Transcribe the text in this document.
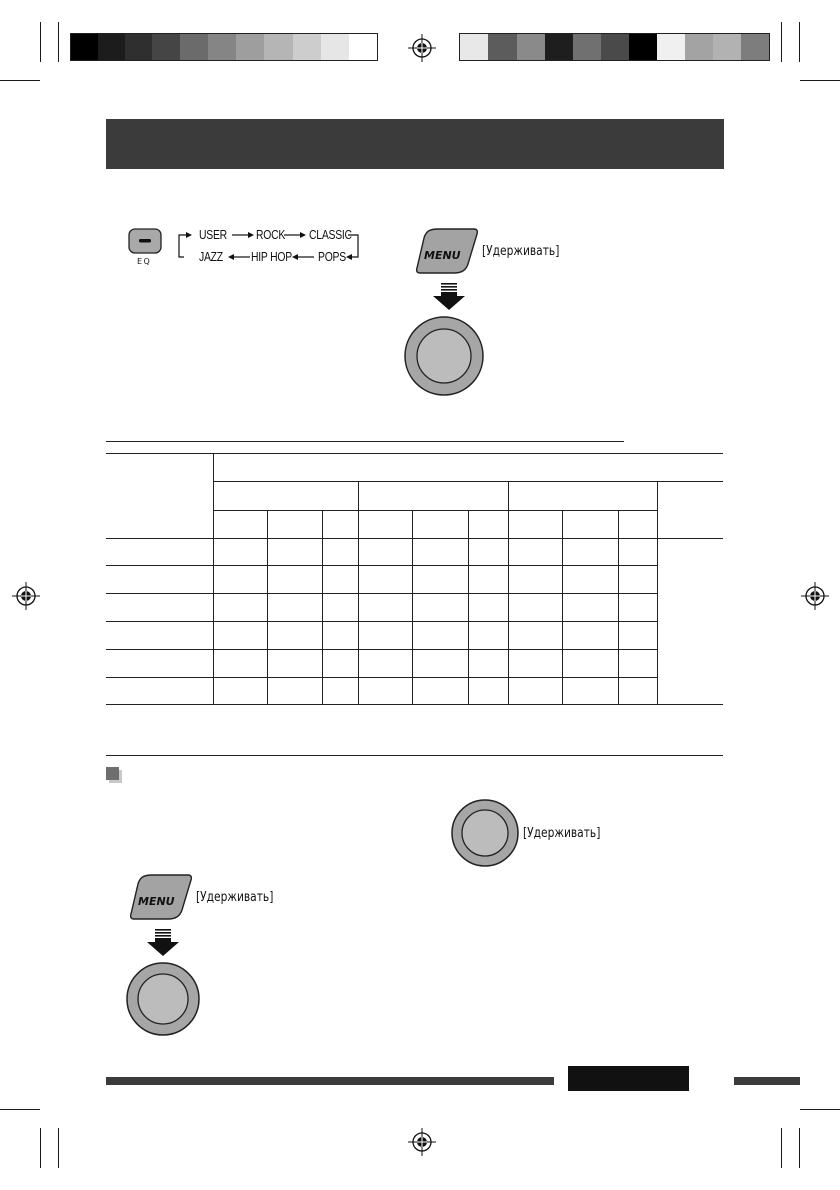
EQ
USER ROCK CLASSIC
JAZZ HIP HOP POPS	MENU [Удерживать]

[Удерживать]
MENU [Удерживать]
